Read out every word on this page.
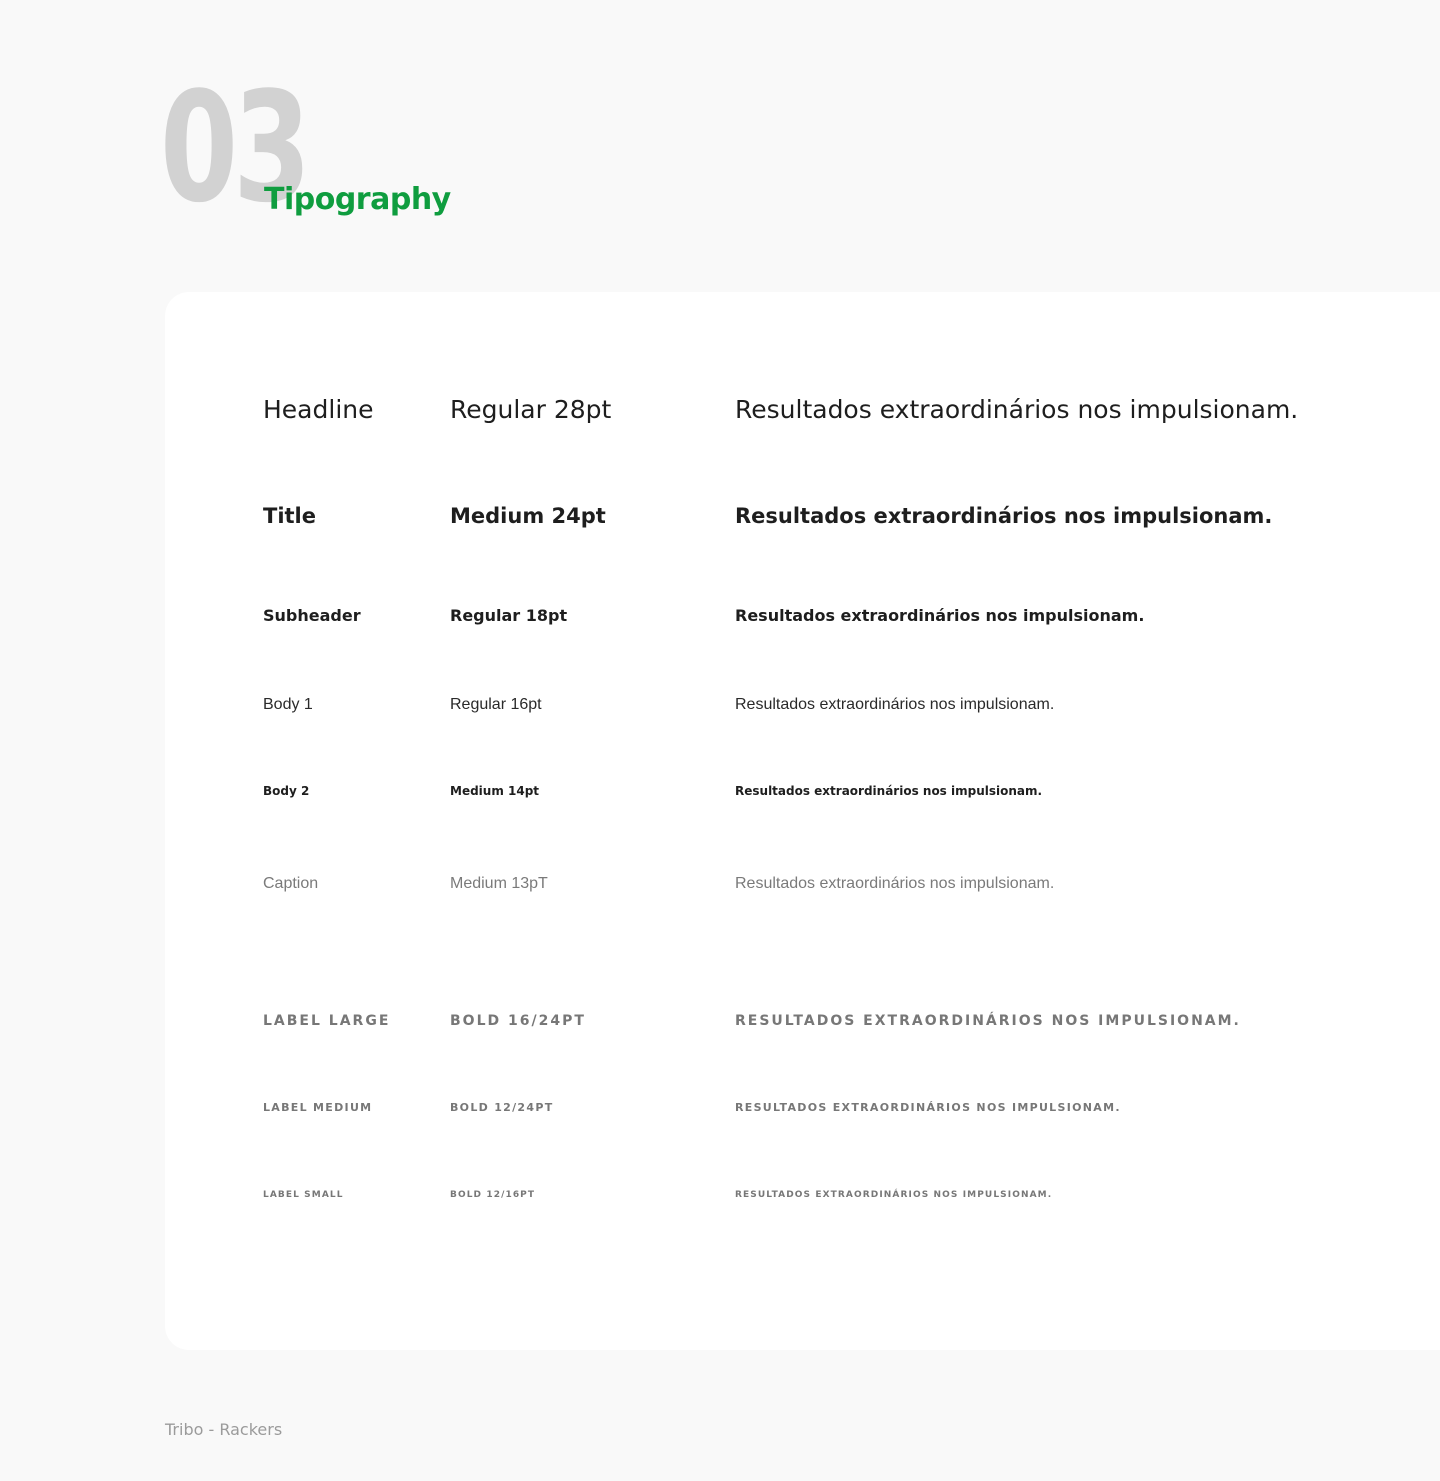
03
Tipography
Headline	Regular 28pt	Resultados extraordinários nos impulsionam.
Title	Medium 24pt	Resultados extraordinários nos impulsionam.
Subheader	Regular 18pt	Resultados extraordinários nos impulsionam.
Body 1	Regular 16pt	Resultados extraordinários nos impulsionam.
Body 2	Medium 14pt	Resultados extraordinários nos impulsionam.
Caption	Medium 13pT	Resultados extraordinários nos impulsionam.
LABEL LARGE	BOLD 16/24PT	RESULTADOS EXTRAORDINÁRIOS NOS IMPULSIONAM.
LABEL MEDIUM	BOLD 12/24PT	RESULTADOS EXTRAORDINÁRIOS NOS IMPULSIONAM.
LABEL SMALL	BOLD 12/16PT	RESULTADOS EXTRAORDINÁRIOS NOS IMPULSIONAM.
Tribo - Rackers
